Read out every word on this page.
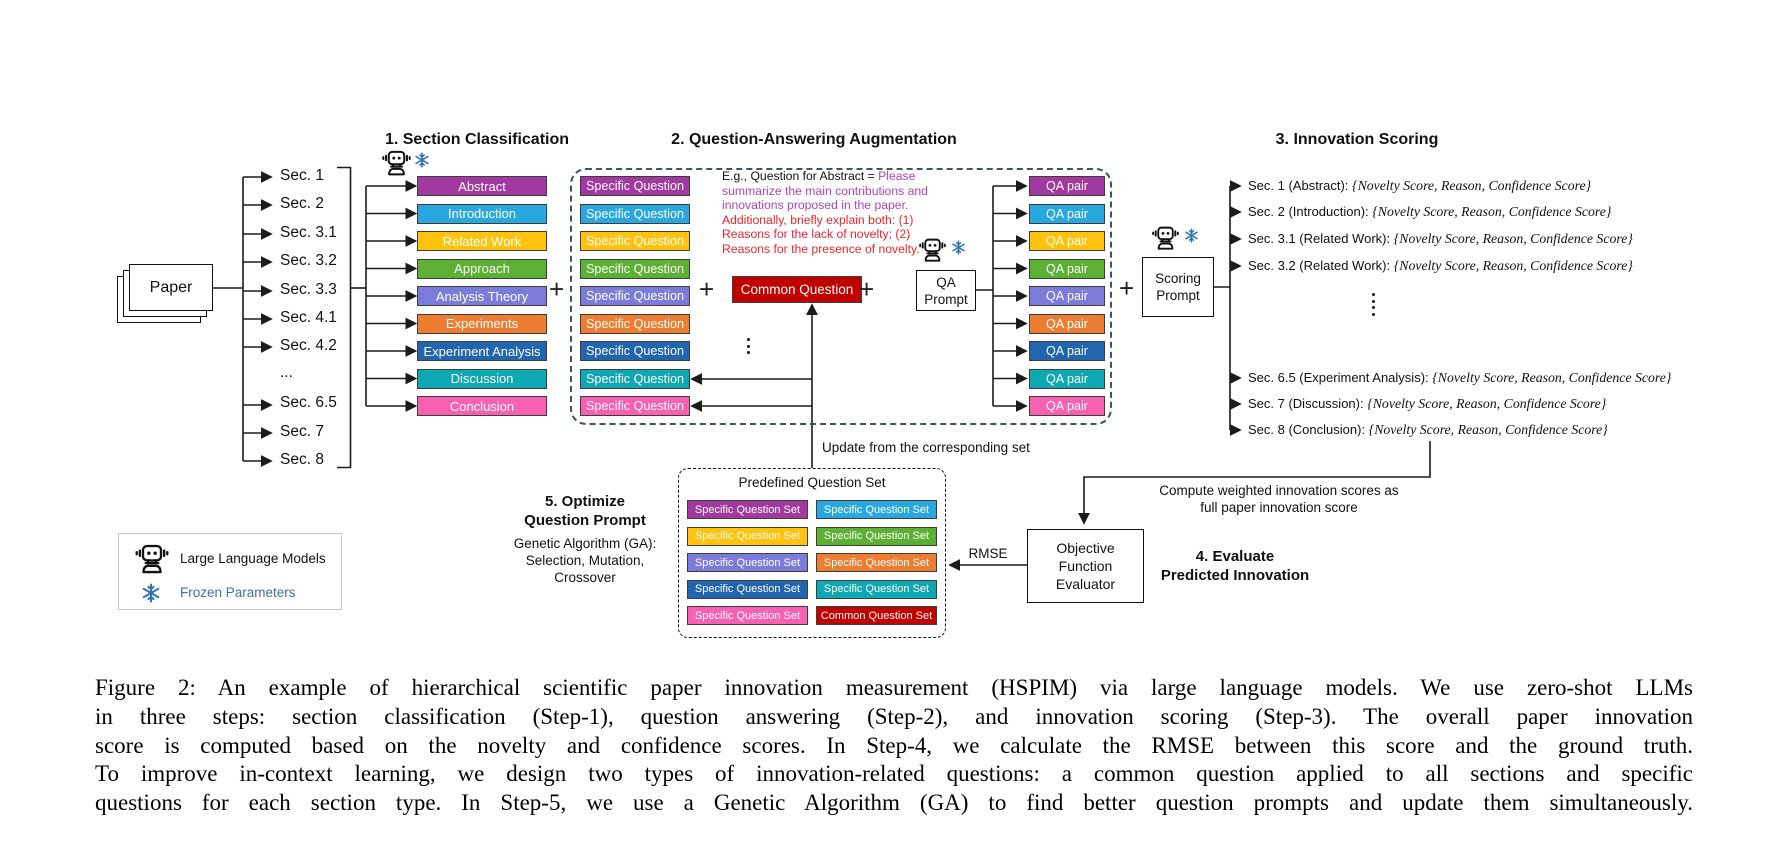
1. Section Classification	2. Question-Answering Augmentation	3. Innovation Scoring
Paper
Sec. 1
Sec. 2
Sec. 3.1
Sec. 3.2
Sec. 3.3
Sec. 4.1
Sec. 4.2
...
Sec. 6.5
Sec. 7
Sec. 8
Abstract
Introduction
Related Work
Approach
Analysis Theory
Experiments
Experiment Analysis
Discussion
Conclusion
+
Specific Question
Specific Question
Specific Question
Specific Question
Specific Question
Specific Question
Specific Question
Specific Question
Specific Question
E.g., Question for Abstract = Please
summarize the main contributions and
innovations proposed in the paper.
Additionally, briefly explain both: (1)
Reasons for the lack of novelty; (2)
Reasons for the presence of novelty.
+	Common Question +	QA
Prompt
QA pair
QA pair
QA pair
QA pair
QA pair
QA pair
QA pair
QA pair
QA pair
+ Scoring
Prompt
Sec. 1 (Abstract): {Novelty Score, Reason, Confidence Score}
Sec. 2 (Introduction): {Novelty Score, Reason, Confidence Score}
Sec. 3.1 (Related Work): {Novelty Score, Reason, Confidence Score}
Sec. 3.2 (Related Work): {Novelty Score, Reason, Confidence Score}
Sec. 6.5 (Experiment Analysis): {Novelty Score, Reason, Confidence Score}
Sec. 7 (Discussion): {Novelty Score, Reason, Confidence Score}
Sec. 8 (Conclusion): {Novelty Score, Reason, Confidence Score}
Update from the corresponding set
5. Optimize
Question Prompt
Genetic Algorithm (GA):
Selection, Mutation,
Crossover
Predefined Question Set
Specific Question Set	Specific Question Set
Specific Question Set	Specific Question Set
Specific Question Set	Specific Question Set
Specific Question Set	Specific Question Set
Specific Question Set	Common Question Set
RMSE	Objective
Function
Evaluator
Compute weighted innovation scores as
full paper innovation score
4. Evaluate
Predicted Innovation
Large Language Models
Frozen Parameters
Figure 2: An example of hierarchical scientific paper innovation measurement (HSPIM) via large language models. We use zero-shot LLMs
in three steps: section classification (Step-1), question answering (Step-2), and innovation scoring (Step-3). The overall paper innovation
score is computed based on the novelty and confidence scores. In Step-4, we calculate the RMSE between this score and the ground truth.
To improve in-context learning, we design two types of innovation-related questions: a common question applied to all sections and specific
questions for each section type. In Step-5, we use a Genetic Algorithm (GA) to find better question prompts and update them simultaneously.
